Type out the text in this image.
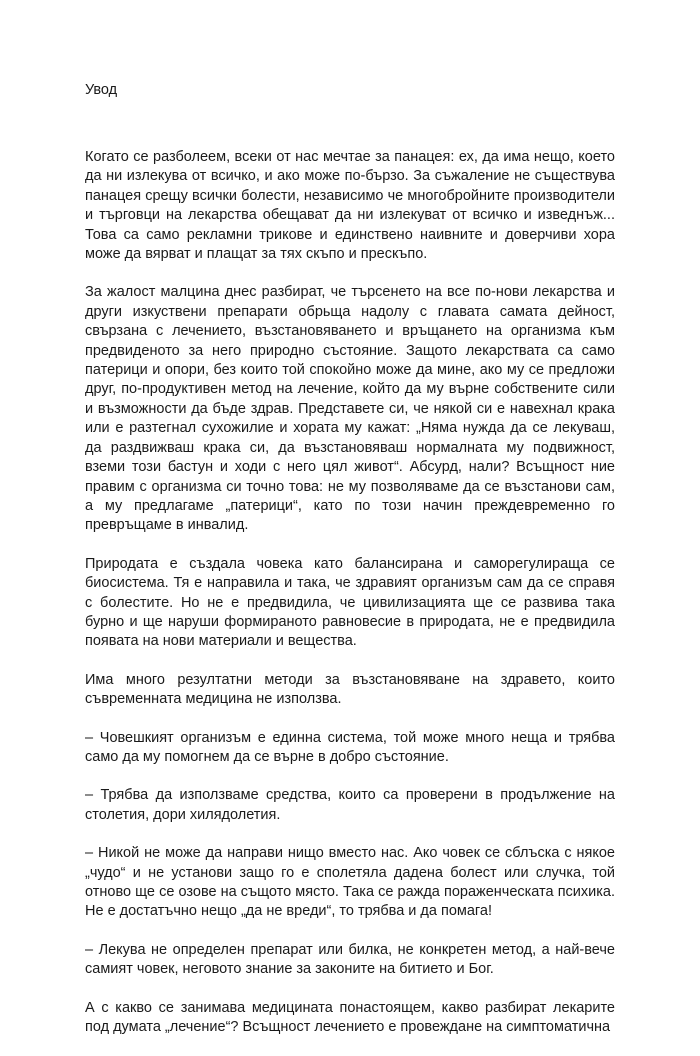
Увод

Когато се разболеем, всеки от нас мечтае за панацея: ех, да има нещо, което да ни излекува от всичко, и ако може по-бързо. За съжаление не съществува панацея срещу всички болести, независимо че многобройните производители и търговци на лекарства обещават да ни излекуват от всичко и изведнъж... Това са само рекламни трикове и единствено наивните и доверчиви хора може да вярват и плащат за тях скъпо и прескъпо.

За жалост малцина днес разбират, че търсенето на все по-нови лекарства и други изкуствени препарати обрьща надолу с главата самата дейност, свързана с лечението, възстановяването и връщането на организма към предвиденото за него природно състояние. Защото лекарствата са само патерици и опори, без които той спокойно може да мине, ако му се предложи друг, по-продуктивен метод на лечение, който да му върне собствените сили и възможности да бъде здрав. Представете си, че някой си е навехнал крака или е разтегнал сухожилие и хората му кажат: „Няма нужда да се лекуваш, да раздвижваш крака си, да възстановяваш нормалната му подвижност, вземи този бастун и ходи с него цял живот“. Абсурд, нали? Всъщност ние правим с организма си точно това: не му позволяваме да се възстанови сам, а му предлагаме „патерици“, като по този начин преждевременно го превръщаме в инвалид.

Природата е създала човека като балансирана и саморегулираща се биосистема. Тя е направила и така, че здравият организъм сам да се справя с болестите. Но не е предвидила, че цивилизацията ще се развива така бурно и ще наруши формираното равновесие в природата, не е предвидила появата на нови материали и вещества.

Има много резултатни методи за възстановяване на здравето, които съвременната медицина не използва.

– Човешкият организъм е единна система, той може много неща и трябва само да му помогнем да се върне в добро състояние.

– Трябва да използваме средства, които са проверени в продължение на столетия, дори хилядолетия.

– Никой не може да направи нищо вместо нас. Ако човек се сблъска с някое „чудо“ и не установи защо го е сполетяла дадена болест или случка, той отново ще се озове на същото място. Така се ражда пораженческата психика. Не е достатъчно нещо „да не вреди“, то трябва и да помага!

– Лекува не определен препарат или билка, не конкретен метод, а най-вече самият човек, неговото знание за законите на битието и Бог.

А с какво се занимава медицината понастоящем, какво разбират лекарите под думата „лечение“? Всъщност лечението е провеждане на симптоматична
